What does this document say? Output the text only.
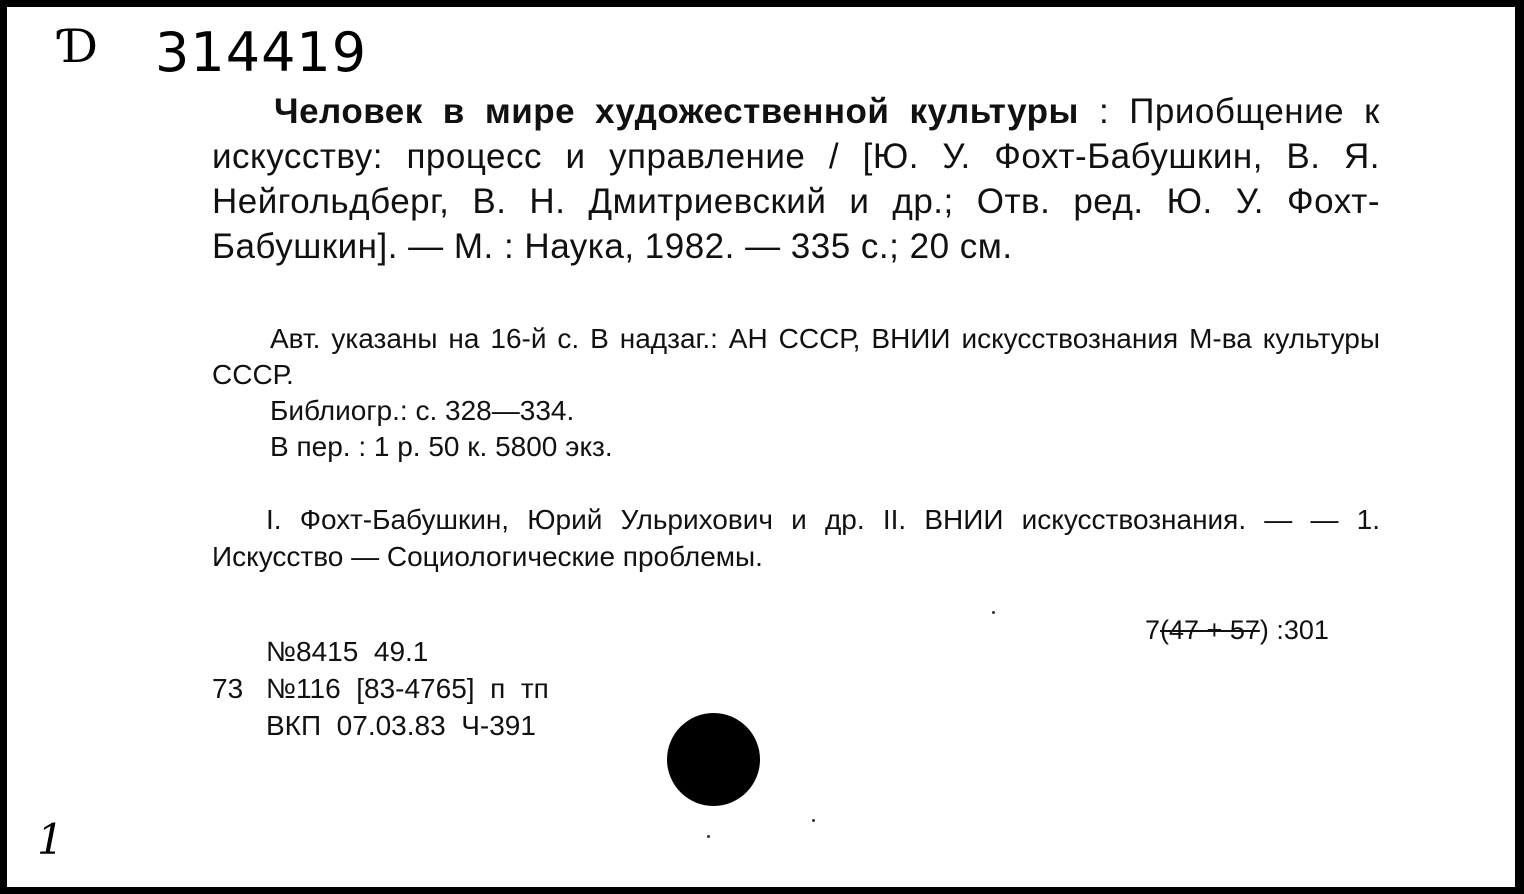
Ɗ 314419
Человек в мире художественной культуры : Приобщение к искусству: процесс и управление / [Ю. У. Фохт-Бабушкин, В. Я. Нейгольдберг, В. Н. Дмитриевский и др.; Отв. ред. Ю. У. Фохт-Бабушкин]. — М. : Наука, 1982. — 335 с.; 20 см.
Авт. указаны на 16-й с. В надзаг.: АН СССР, ВНИИ искусствознания М-ва культуры СССР.
Библиогр.: с. 328—334.
В пер. : 1 р. 50 к. 5800 экз.
I. Фохт-Бабушкин, Юрий Ульрихович и др. II. ВНИИ искусствознания. — — 1. Искусство — Социологические проблемы.
7(47 + 57) :301
№8415  49.1
73 №116  [83-4765]  п  тп
ВКП  07.03.83  Ч-391
1
